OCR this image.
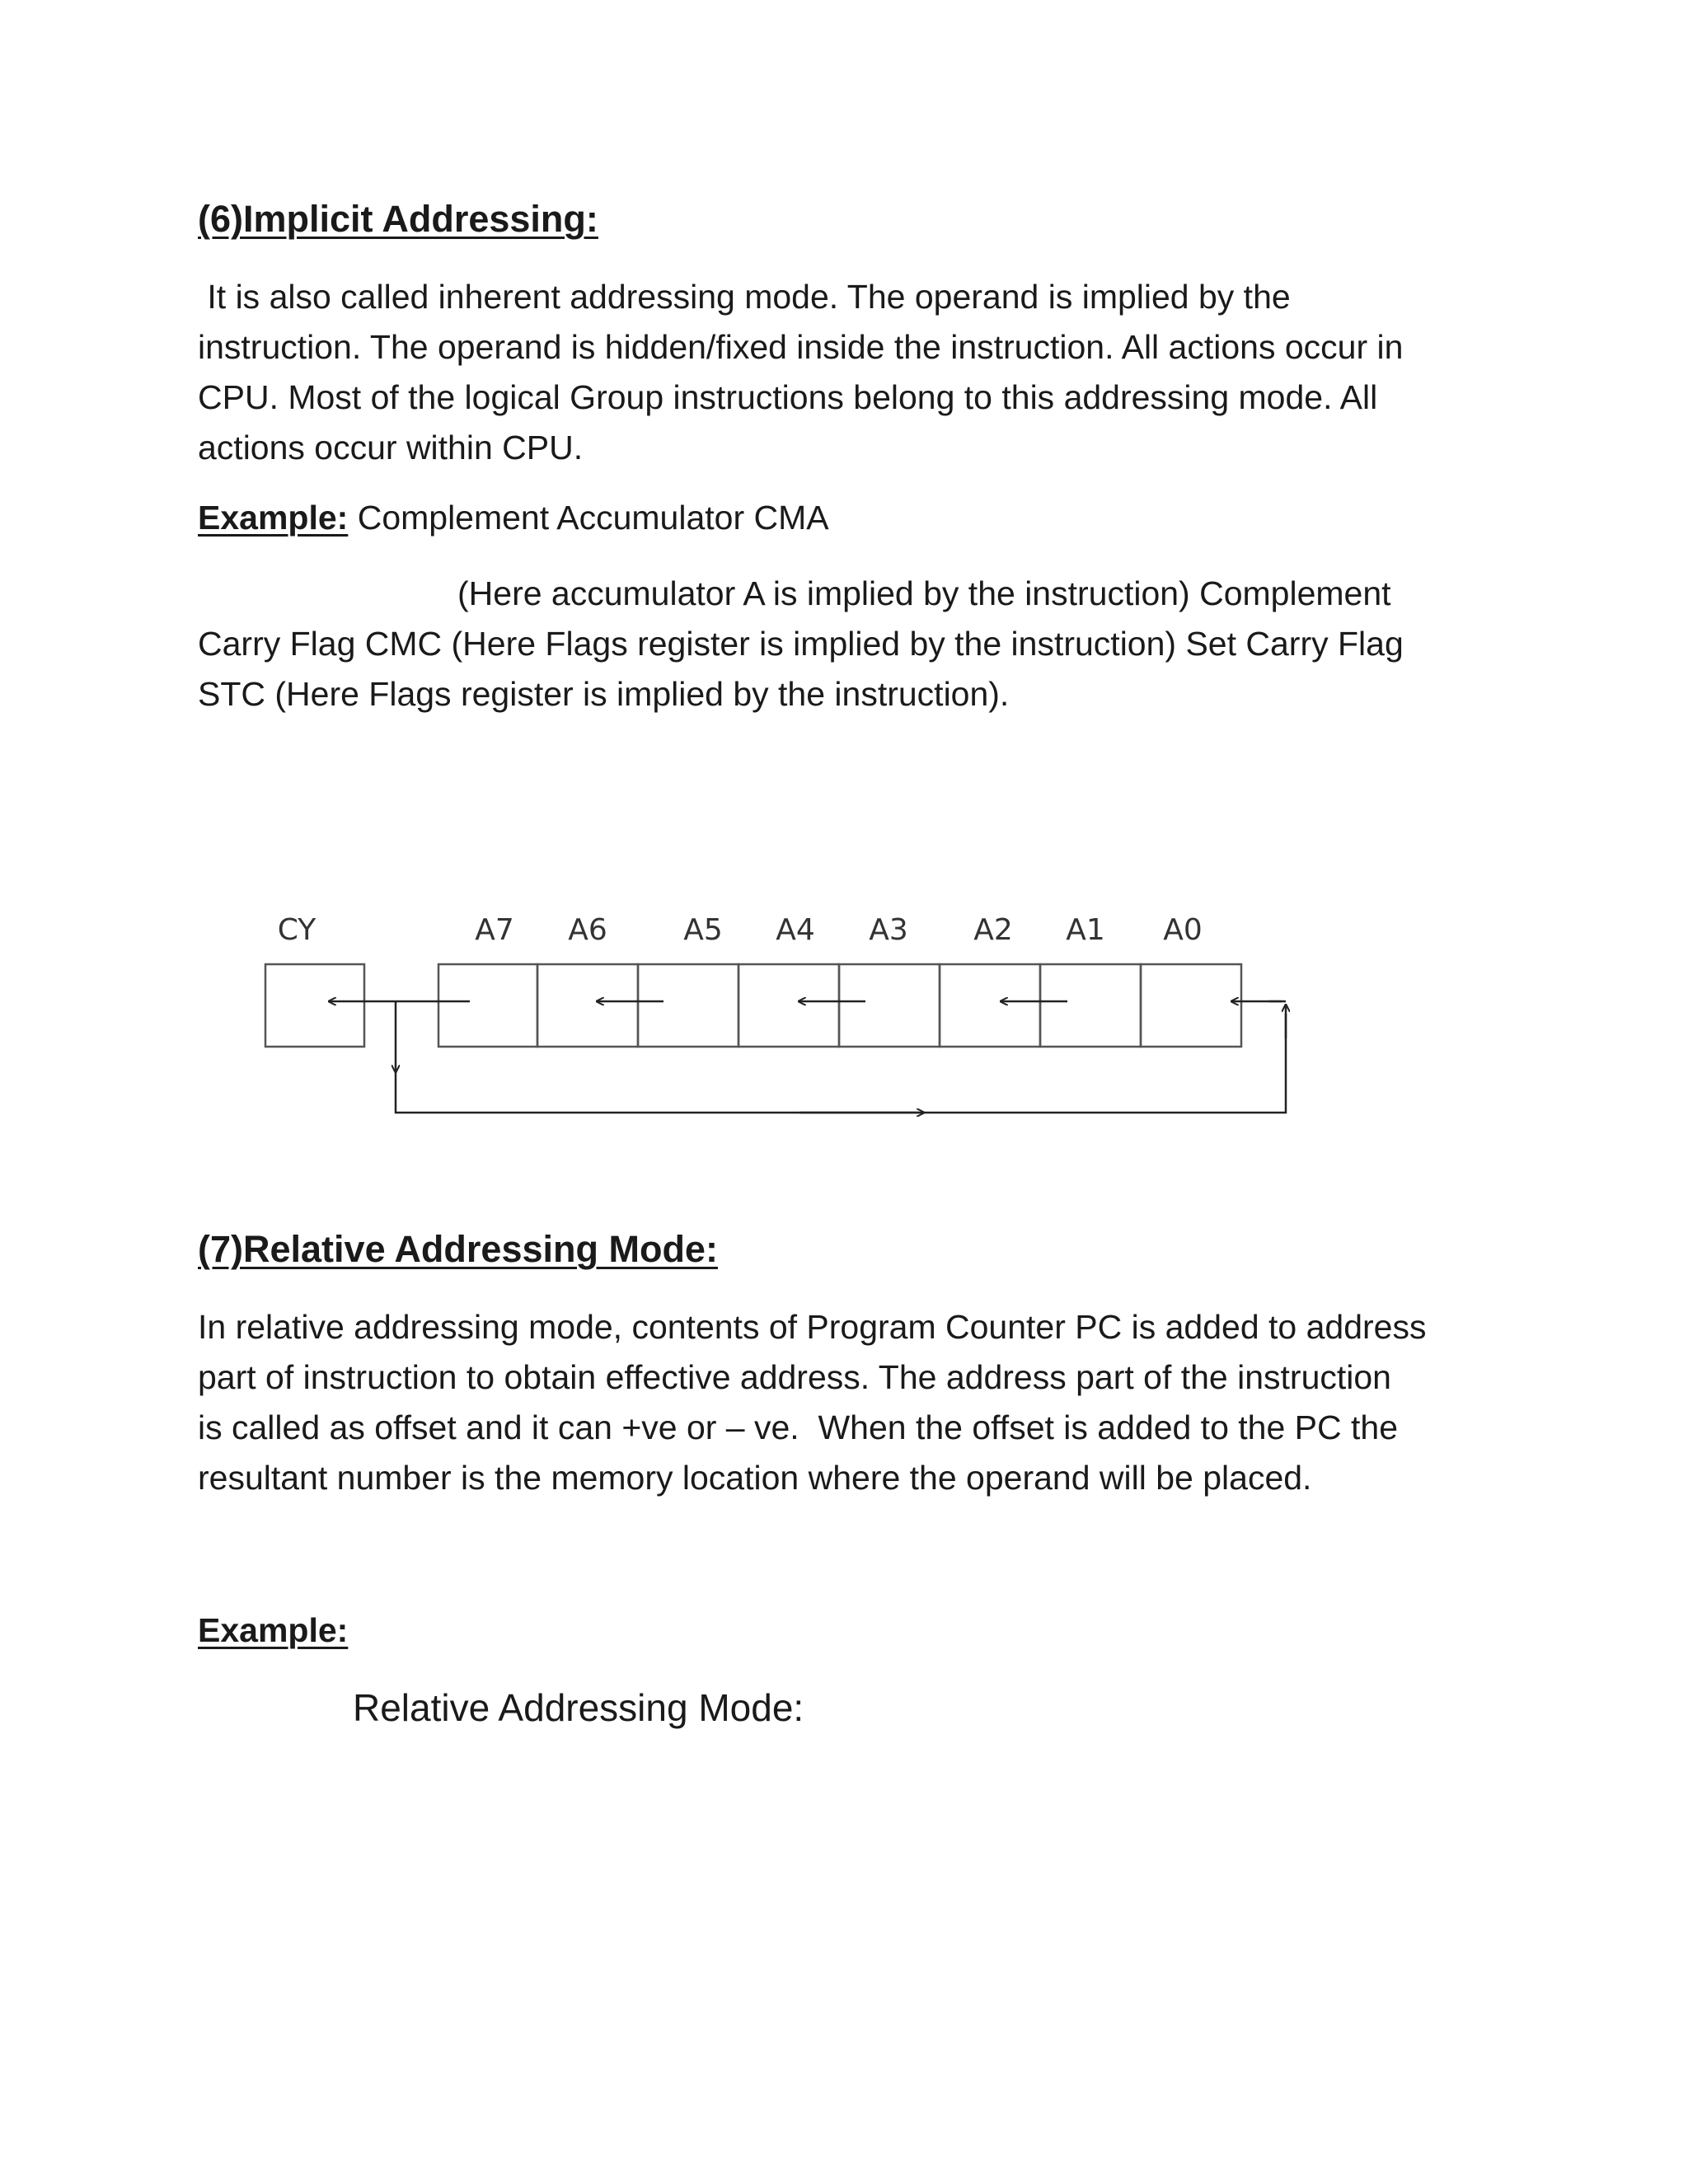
(6)Implicit Addressing:
It is also called inherent addressing mode. The operand is implied by the
instruction. The operand is hidden/fixed inside the instruction. All actions occur in
CPU. Most of the logical Group instructions belong to this addressing mode. All
actions occur within CPU.
Example: Complement Accumulator CMA
(Here accumulator A is implied by the instruction) Complement
Carry Flag CMC (Here Flags register is implied by the instruction) Set Carry Flag
STC (Here Flags register is implied by the instruction).
CY	A7 A6	A5 A4 A3 A2 A1 A0
(7)Relative Addressing Mode:
In relative addressing mode, contents of Program Counter PC is added to address
part of instruction to obtain effective address. The address part of the instruction
is called as offset and it can +ve or – ve.  When the offset is added to the PC the
resultant number is the memory location where the operand will be placed.
Example:
Relative Addressing Mode:
